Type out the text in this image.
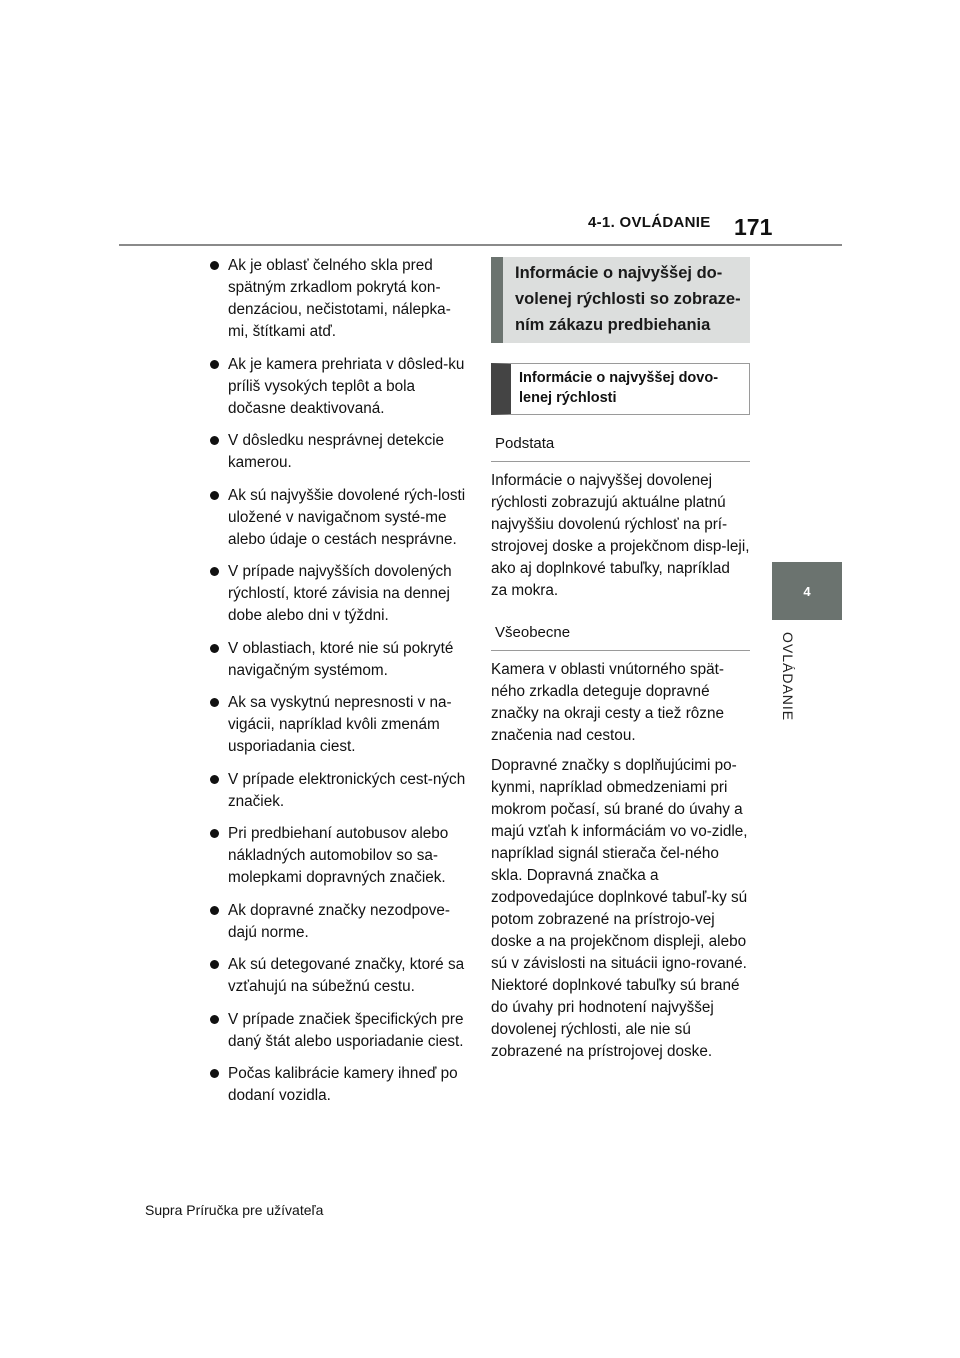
4-1. OVLÁDANIE 171
4
OVLÁDANIE
Ak je oblasť čelného skla pred spätným zrkadlom pokrytá kon-denzáciou, nečistotami, nálepka-mi, štítkami atď.
Ak je kamera prehriata v dôsled-ku príliš vysokých teplôt a bola dočasne deaktivovaná.
V dôsledku nesprávnej detekcie kamerou.
Ak sú najvyššie dovolené rých-losti uložené v navigačnom systé-me alebo údaje o cestách nesprávne.
V prípade najvyšších dovolených rýchlostí, ktoré závisia na dennej dobe alebo dni v týždni.
V oblastiach, ktoré nie sú pokryté navigačným systémom.
Ak sa vyskytnú nepresnosti v na-vigácii, napríklad kvôli zmenám usporiadania ciest.
V prípade elektronických cest-ných značiek.
Pri predbiehaní autobusov alebo nákladných automobilov so sa-molepkami dopravných značiek.
Ak dopravné značky nezodpove-dajú norme.
Ak sú detegované značky, ktoré sa vzťahujú na súbežnú cestu.
V prípade značiek špecifických pre daný štát alebo usporiadanie ciest.
Počas kalibrácie kamery ihneď po dodaní vozidla.
Informácie o najvyššej do-volenej rýchlosti so zobraze-ním zákazu predbiehania
Informácie o najvyššej dovo-lenej rýchlosti
Podstata
Informácie o najvyššej dovolenej rýchlosti zobrazujú aktuálne platnú najvyššiu dovolenú rýchlosť na prí-strojovej doske a projekčnom disp-leji, ako aj doplnkové tabuľky, napríklad za mokra.
Všeobecne
Kamera v oblasti vnútorného spät-ného zrkadla deteguje dopravné značky na okraji cesty a tiež rôzne značenia nad cestou.
Dopravné značky s doplňujúcimi po-kynmi, napríklad obmedzeniami pri mokrom počasí, sú brané do úvahy a majú vzťah k informáciám vo vo-zidle, napríklad signál stierača čel-ného skla. Dopravná značka a zodpovedajúce doplnkové tabuľ-ky sú potom zobrazené na prístrojo-vej doske a na projekčnom displeji, alebo sú v závislosti na situácii igno-rované. Niektoré doplnkové tabuľky sú brané do úvahy pri hodnotení najvyššej dovolenej rýchlosti, ale nie sú zobrazené na prístrojovej doske.
Supra Príručka pre užívateľa
